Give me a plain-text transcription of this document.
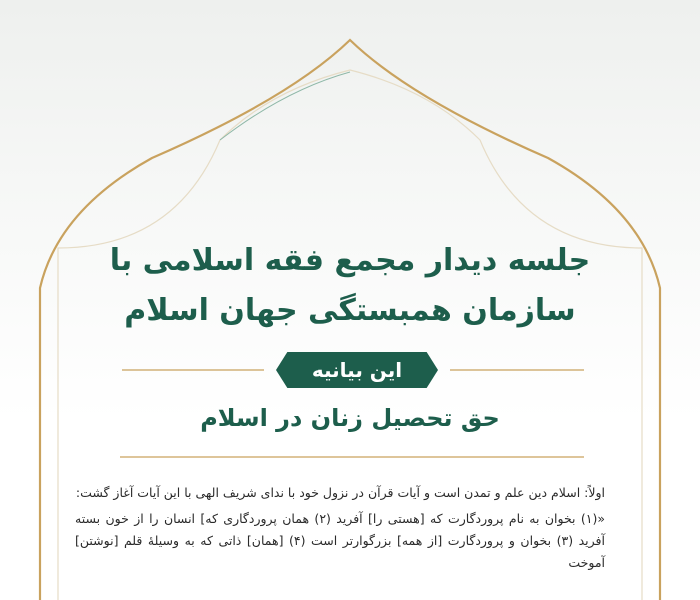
جلسه دیدار مجمع فقه اسلامی با سازمان همبستگی جهان اسلام
این بیانیه
حق تحصیل زنان در اسلام

اولاً: اسلام دین علم و تمدن است و آیات قرآن در نزول خود با ندای شریف الهی با این آیات آغاز گشت:

«(۱) بخوان به نام پروردگارت که [هستی را] آفرید (۲) همان پروردگاری که] انسان را از خون بسته آفرید (۳) بخوان و پروردگارت [از همه] بزرگوارتر است (۴) [همان] ذاتی که به وسیلهٔ قلم [نوشتن] آموخت
